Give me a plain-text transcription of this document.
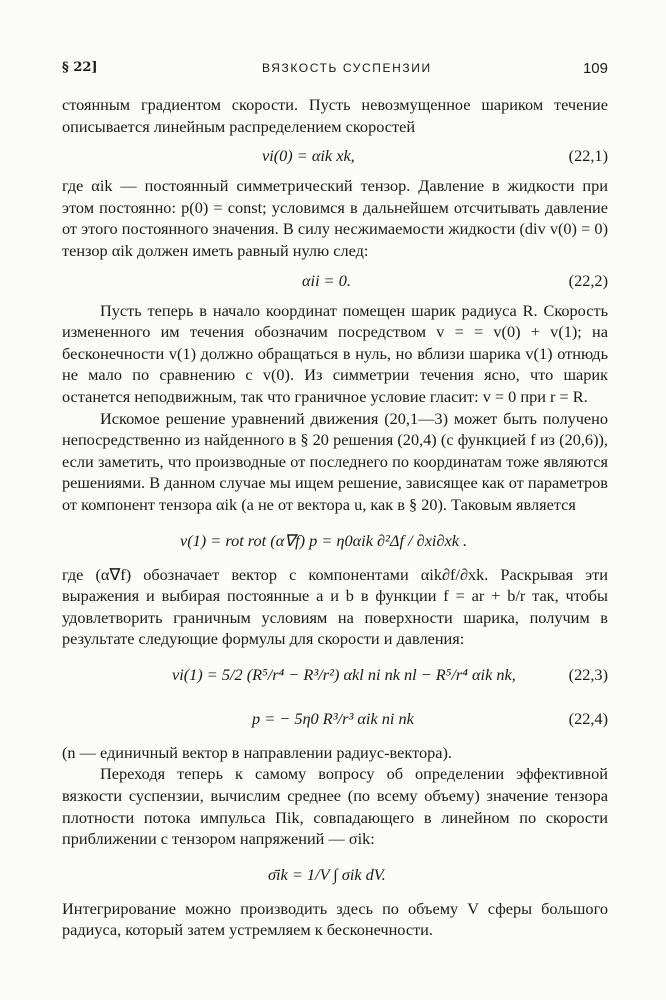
§ 22]	ВЯЗКОСТЬ СУСПЕНЗИИ	109

стоянным градиентом скорости. Пусть невозмущенное шариком течение описывается линейным распределением скоростей

vi(0) = αik xk,	(22,1)

где αik — постоянный симметрический тензор. Давление в жидкости при этом постоянно: p(0) = const; условимся в дальнейшем отсчитывать давление от этого постоянного значения. В силу несжимаемости жидкости (div v(0) = 0) тензор αik должен иметь равный нулю след:

αii = 0.	(22,2)

Пусть теперь в начало координат помещен шарик радиуса R. Скорость измененного им течения обозначим посредством v = = v(0) + v(1); на бесконечности v(1) должно обращаться в нуль, но вблизи шарика v(1) отнюдь не мало по сравнению с v(0). Из симметрии течения ясно, что шарик останется неподвижным, так что граничное условие гласит: v = 0 при r = R.

Искомое решение уравнений движения (20,1—3) может быть получено непосредственно из найденного в § 20 решения (20,4) (с функцией f из (20,6)), если заметить, что производные от последнего по координатам тоже являются решениями. В данном случае мы ищем решение, зависящее как от параметров от компонент тензора αik (а не от вектора u, как в § 20). Таковым является

v(1) = rot rot (α∇f) p = η0αik ∂²Δf / ∂xi∂xk .

где (α∇f) обозначает вектор с компонентами αik∂f/∂xk. Раскрывая эти выражения и выбирая постоянные a и b в функции f = ar + b/r так, чтобы удовлетворить граничным условиям на поверхности шарика, получим в результате следующие формулы для скорости и давления:

vi(1) = 5/2 (R⁵/r⁴ − R³/r²) αkl ni nk nl − R⁵/r⁴ αik nk,	(22,3)
p = − 5η0 R³/r³ αik ni nk	(22,4)

(n — единичный вектор в направлении радиус-вектора).

Переходя теперь к самому вопросу об определении эффективной вязкости суспензии, вычислим среднее (по всему объему) значение тензора плотности потока импульса Πik, совпадающего в линейном по скорости приближении с тензором напряжений — σik:

σ̄ik = 1/V ∫ σik dV.

Интегрирование можно производить здесь по объему V сферы большого радиуса, который затем устремляем к бесконечности.
